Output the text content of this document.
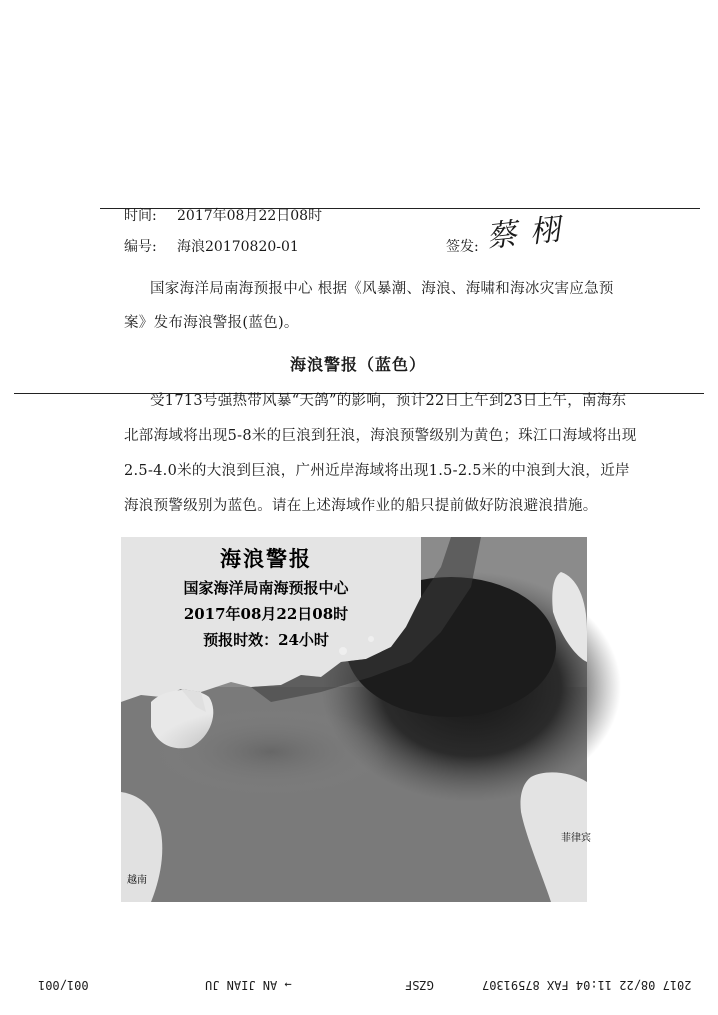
时间: 2017年08月22日08时
编号: 海浪20170820-01	签发: 蔡 栩
国家海洋局南海预报中心 根据《风暴潮、海浪、海啸和海冰灾害应急预
案》发布海浪警报(蓝色)。
海浪警报（蓝色）
受1713号强热带风暴“天鸽”的影响，预计22日上午到23日上午，南海东
北部海域将出现5-8米的巨浪到狂浪，海浪预警级别为黄色；珠江口海域将出现
2.5-4.0米的大浪到巨浪，广州近岸海域将出现1.5-2.5米的中浪到大浪，近岸
海浪预警级别为蓝色。请在上述海域作业的船只提前做好防浪避浪措施。
海浪警报
国家海洋局南海预报中心
2017年08月22日08时
预报时效：24小时
菲律宾
越南
2017 08/22 11:04 FAX 87591307
GZSF
→ AN JIAN JU
001/001
